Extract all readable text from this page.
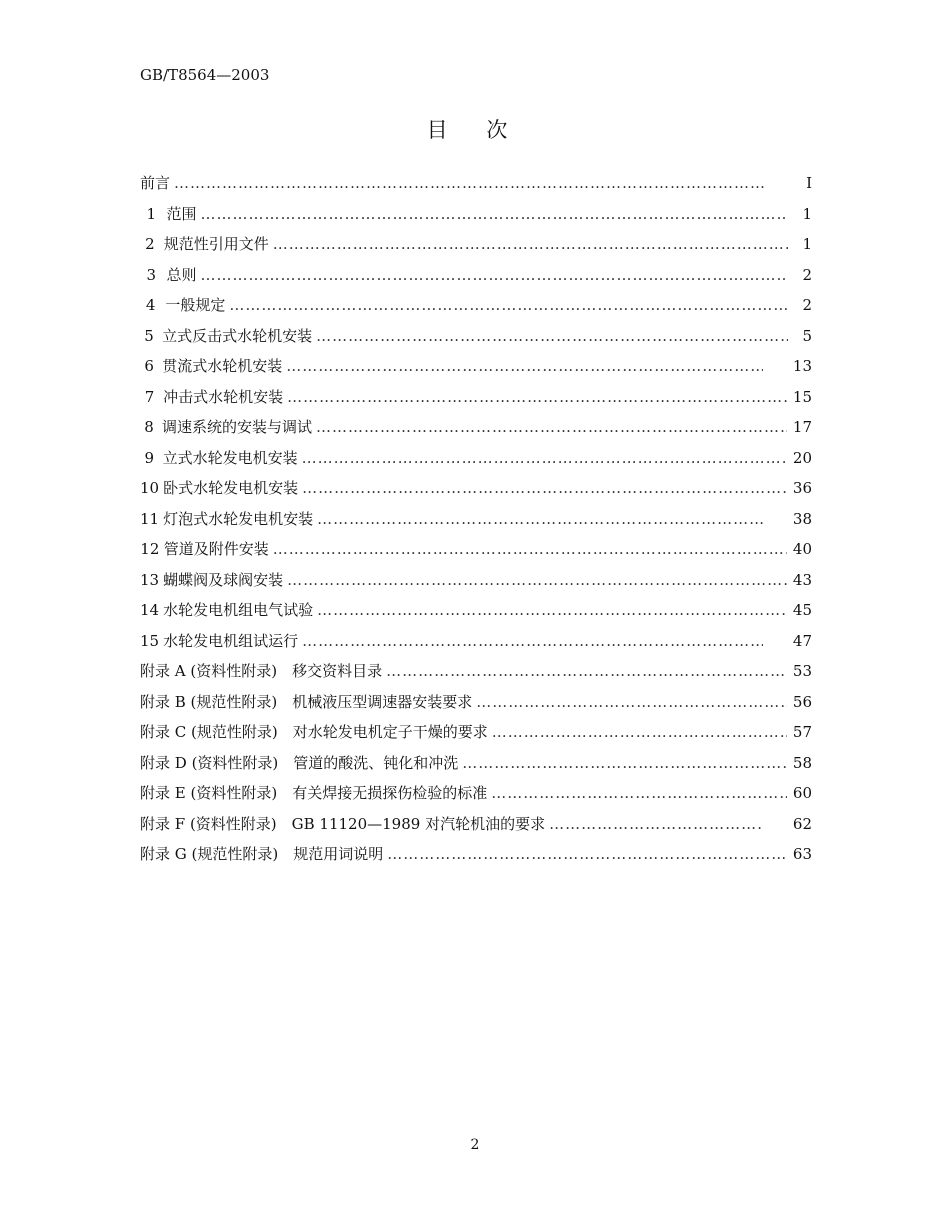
GB/T8564—2003
目 次
前言 ……………………………………………………………………………………………………………………………………………………………………	I
1 范围 ……………………………………………………………………………………………………………………………………………………………………	1
2 规范性引用文件 ……………………………………………………………………………………………………………………………………………………………………	1
3 总则 ……………………………………………………………………………………………………………………………………………………………………	2
4 一般规定 ……………………………………………………………………………………………………………………………………………………………………	2
5 立式反击式水轮机安装 ……………………………………………………………………………………………………………………………………………………………………	5
6 贯流式水轮机安装 ……………………………………………………………………………………………………………………………………………………………………	13
7 冲击式水轮机安装 ……………………………………………………………………………………………………………………………………………………………………	15
8 调速系统的安装与调试 ……………………………………………………………………………………………………………………………………………………………………	17
9 立式水轮发电机安装 ……………………………………………………………………………………………………………………………………………………………………	20
10 卧式水轮发电机安装 ……………………………………………………………………………………………………………………………………………………………………	36
11 灯泡式水轮发电机安装 ……………………………………………………………………………………………………………………………………………………………………	38
12 管道及附件安装 ……………………………………………………………………………………………………………………………………………………………………	40
13 蝴蝶阀及球阀安装 ……………………………………………………………………………………………………………………………………………………………………	43
14 水轮发电机组电气试验 ……………………………………………………………………………………………………………………………………………………………………	45
15 水轮发电机组试运行 ……………………………………………………………………………………………………………………………………………………………………	47
附录 A (资料性附录)　移交资料目录 ……………………………………………………………………………………………………………………………………………………………………	53
附录 B (规范性附录)　机械液压型调速器安装要求 ……………………………………………………………………………………………………………………………………………………………………	56
附录 C (规范性附录)　对水轮发电机定子干燥的要求 ……………………………………………………………………………………………………………………………………………………………………	57
附录 D (资料性附录)　管道的酸洗、钝化和冲洗 ……………………………………………………………………………………………………………………………………………………………………	58
附录 E (资料性附录)　有关焊接无损探伤检验的标准 ……………………………………………………………………………………………………………………………………………………………………	60
附录 F (资料性附录)　GB 11120—1989 对汽轮机油的要求 ……………………………………………………………………………………………………………………………………………………………………	62
附录 G (规范性附录)　规范用词说明 ……………………………………………………………………………………………………………………………………………………………………	63
2
